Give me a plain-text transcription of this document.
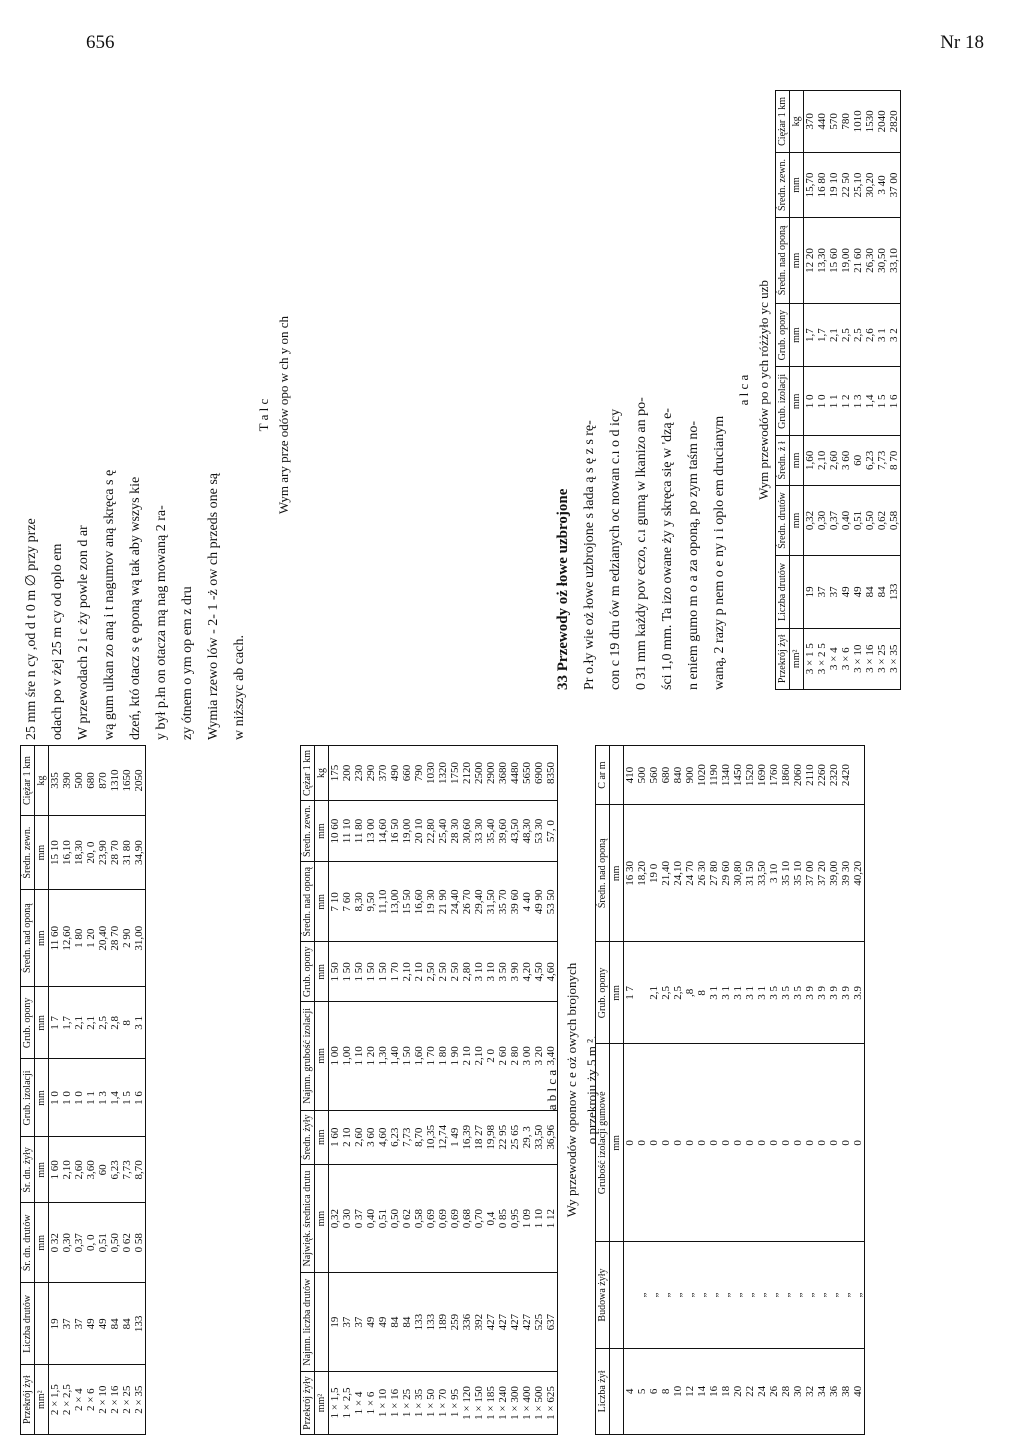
656	Nr 18
25 mm śre n cy ,od d t 0 m ∅ przy prze odach po v żej 25 m cy od oplo em W przewodach 2 i c ży powle zon d ar wą gum ulkan zo aną i t nagumov aną skręca s ę dzeń, któ otacz s ę oponą wą tak aby wszys kie y był p.łn on otacza mą nag mowaną 2 ra- zy ótnem o ym op em z dru Wymia rzewo lów - 2- 1 -ż ow ch przeds one są w niższyc ab cach.
T a l c Wym ary prze odów opo w ch y on ch
Przekrój żyły	Najmn. liczba drutów	Najwięk. średnica drutu	Średn. żyły	Najmn. grubość izolacji	Grub. opony	Średn. nad oponą	Średn. zewn.	Cężar 1 km
mm²		mm	mm	mm	mm	mm	mm	kg
1 × 1,5	19	0,32	1 60	1 00	1 50	7 10	10 60	175
1 × 2,5	37	0 30	2 10	1,00	1 50	7 60	11 10	200
1 × 4	37	0 37	2,60	1 10	1 50	8,30	11 80	230
1 × 6	49	0,40	3 60	1 20	1 50	9,50	13 00	290
1 × 10	49	0,51	4,60	1,30	1 50	11,10	14,60	370
1 × 16	84	0,50	6,23	1,40	1 70	13,00	16 50	490
1 × 25	84	0 62	7,73	1 50	2,10	15 50	19,00	660
1 × 35	133	0,58	8,70	1,60	2 10	16,60	20 10	790
1 × 50	133	0,69	10,35	1 70	2,50	19 30	22,80	1030
1 × 70	189	0,69	12,74	1 80	2 50	21 90	25,40	1320
1 × 95	259	0,69	1 49	1 90	2 50	24,40	28 30	1750
1 × 120	336	0,68	16,39	2 10	2,80	26 70	30,60	2120
1 × 150	392	0,70	18 27	2,10	3 10	29,40	33 30	2500
1 × 185	427	0,4	19,98	2 0	3 10	31,50	35,40	2900
1 × 240	427	0 85	22 95	2 60	3 50	35 70	39,60	3680
1 × 300	427	0,95	25 65	2 80	3 90	39 60	43,50	4480
1 × 400	427	1 09	29, 3	3 00	4,20	4 40	48,30	5650
1 × 500	525	1 10	33,50	3 20	4,50	49 90	53 30	6900
1 × 625	637	1 12	36,96	3,40	4,60	53 50	57, 0	8350
Przekrój żył	Liczba drutów	Śr. dn. drutów	Śr. dn. żyły	Grub. izolacji	Grub. opony	Średn. nad oponą	Średn. zewn.	Ciężar 1 km
mm²		mm	mm	mm	mm	mm	mm	kg
2 × 1,5	19	0 32	1 60	1 0	1 7	11 60	15 10	335
2 × 2,5	37	0,30	2,10	1 0	1,7	12,60	16,10	390
2 × 4	37	0,37	2,60	1 0	2,1	1 80	18,30	500
2 × 6	49	0, 0	3,60	1 1	2,1	1 20	20, 0	680
2 × 10	49	0,51	60	1 3	2,5	20,40	23,90	870
2 × 16	84	0,50	6,23	1,4	2,8	28 70	28 70	1310
2 × 25	84	0 62	7,73	1 5	8	2 90	31 80	1650
2 × 35	133	0 58	8,70	1 6	3 1	31,00	34,90	2050
33 Przewody oż łowe uzbrojone Pr o.ły wie oż łowe uzbrojone s łada ą s ę z s rę- con c 19 dru ów m edzianych oc nowan c.ı o d icy 0 31 mm każdy pov eczo, c.ı gumą w lkanizo an po- ści 1,0 mm. Ta izo owane ży y skręca się w 'dzą e- n eniem gumo m o a za oponą, po zym taśm no- waną, 2 razy p nem o e ny ı i oplo em drucianym
a l c a Wym przewodów po o ych różżyło yc uzb
Przekrój żył	Liczba drutów	Średn. drutów	Średn. ż ł	Grub. izolacji	Grub. opony	Średn. nad oponą	Średn. zewn.	Ciężar 1 km
mm²		mm	mm	mm	mm	mm	mm	kg
3 × 1 5	19	0,32	1,60	1 0	1,7	12 20	15,70	370
3 × 2 5	37	0,30	2,10	1 0	1,7	13,30	16 80	440
3 × 4	37	0,37	2,60	1 1	2,1	15 60	19 10	570
3 × 6	49	0,40	3 60	1 2	2,5	19,00	22 50	780
3 × 10	49	0,51	60	1 3	2,5	21 60	25,10	1010
3 × 16	84	0,50	6,23	1,4	2,6	26,30	30,20	1530
3 × 25	84	0,62	7,73	1 5	3 1	30,50	3 40	2040
3 × 35	133	0,58	8 70	1 6	3 2	33,10	37 00	2820
a b l c a Wy przewodów oponow c e oż owych brojonych o przekroju ży 5 m ².
Liczba żył	Budowa żyły	Grubość izolacji gumowe	Grub. opony	Średn. nad oponą	C ar m
		mm	mm	mm	
4		0	1 7	16 30	410
5	„	0		18,20	500
6	„	0	2,1	19 0	560
8	„	0	2,5	21,40	680
10	„	0	2,5	24,10	840
12	„	0	,8	24 70	900
14	„	0	8	26 30	1020
16	„	0	3 1	27 80	1190
18	„	0	3 1	29 60	1340
20	„	0	3 1	30,80	1450
22	„	0	3 1	31 50	1520
24	„	0	3 1	33,50	1690
26	„	0	3 5	3 10	1760
28	„	0	3 5	35 10	1860
30	„	0	3 5	35 10	2060
32	„	0	3 9	37 00	2110
34	„	0	3 9	37 20	2260
36	„	0	3 9	39,00	2320
38	„	0	3 9	39 30	2420
40	„	0	3.9	40,20	
